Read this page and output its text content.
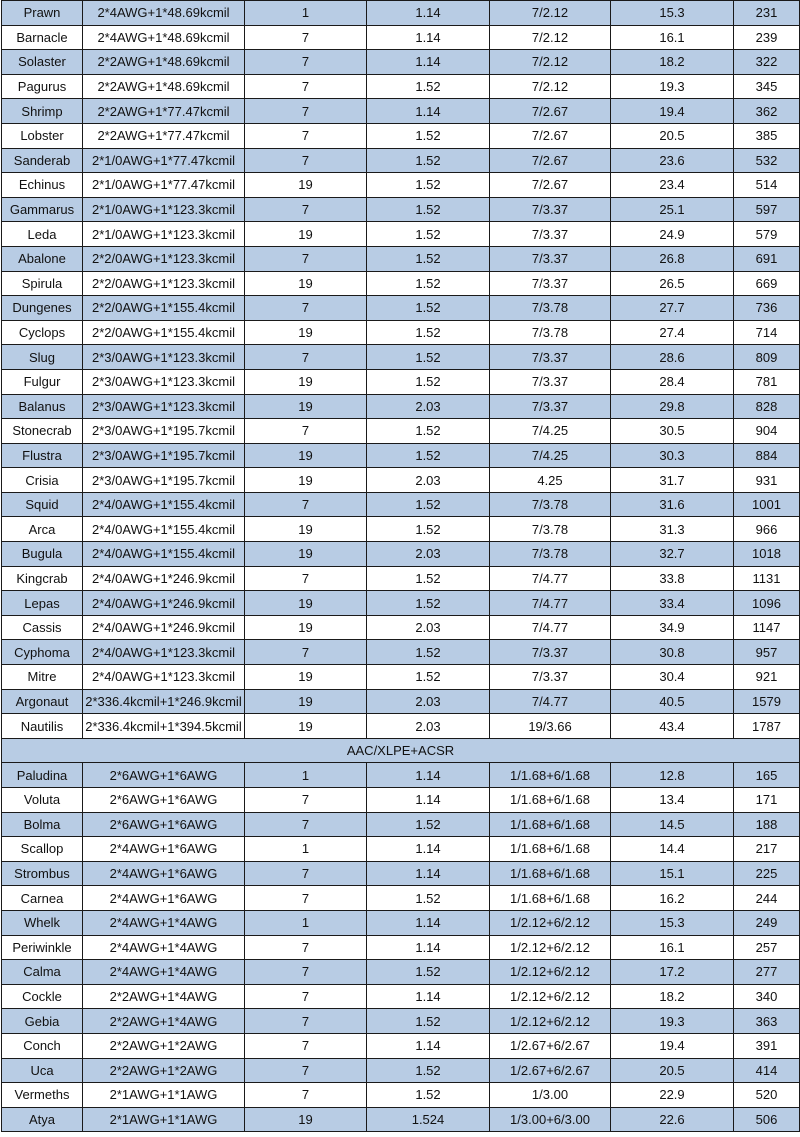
Prawn	2*4AWG+1*48.69kcmil	1	1.14	7/2.12	15.3	231
Barnacle	2*4AWG+1*48.69kcmil	7	1.14	7/2.12	16.1	239
Solaster	2*2AWG+1*48.69kcmil	7	1.14	7/2.12	18.2	322
Pagurus	2*2AWG+1*48.69kcmil	7	1.52	7/2.12	19.3	345
Shrimp	2*2AWG+1*77.47kcmil	7	1.14	7/2.67	19.4	362
Lobster	2*2AWG+1*77.47kcmil	7	1.52	7/2.67	20.5	385
Sanderab	2*1/0AWG+1*77.47kcmil	7	1.52	7/2.67	23.6	532
Echinus	2*1/0AWG+1*77.47kcmil	19	1.52	7/2.67	23.4	514
Gammarus	2*1/0AWG+1*123.3kcmil	7	1.52	7/3.37	25.1	597
Leda	2*1/0AWG+1*123.3kcmil	19	1.52	7/3.37	24.9	579
Abalone	2*2/0AWG+1*123.3kcmil	7	1.52	7/3.37	26.8	691
Spirula	2*2/0AWG+1*123.3kcmil	19	1.52	7/3.37	26.5	669
Dungenes	2*2/0AWG+1*155.4kcmil	7	1.52	7/3.78	27.7	736
Cyclops	2*2/0AWG+1*155.4kcmil	19	1.52	7/3.78	27.4	714
Slug	2*3/0AWG+1*123.3kcmil	7	1.52	7/3.37	28.6	809
Fulgur	2*3/0AWG+1*123.3kcmil	19	1.52	7/3.37	28.4	781
Balanus	2*3/0AWG+1*123.3kcmil	19	2.03	7/3.37	29.8	828
Stonecrab	2*3/0AWG+1*195.7kcmil	7	1.52	7/4.25	30.5	904
Flustra	2*3/0AWG+1*195.7kcmil	19	1.52	7/4.25	30.3	884
Crisia	2*3/0AWG+1*195.7kcmil	19	2.03	4.25	31.7	931
Squid	2*4/0AWG+1*155.4kcmil	7	1.52	7/3.78	31.6	1001
Arca	2*4/0AWG+1*155.4kcmil	19	1.52	7/3.78	31.3	966
Bugula	2*4/0AWG+1*155.4kcmil	19	2.03	7/3.78	32.7	1018
Kingcrab	2*4/0AWG+1*246.9kcmil	7	1.52	7/4.77	33.8	1131
Lepas	2*4/0AWG+1*246.9kcmil	19	1.52	7/4.77	33.4	1096
Cassis	2*4/0AWG+1*246.9kcmil	19	2.03	7/4.77	34.9	1147
Cyphoma	2*4/0AWG+1*123.3kcmil	7	1.52	7/3.37	30.8	957
Mitre	2*4/0AWG+1*123.3kcmil	19	1.52	7/3.37	30.4	921
Argonaut	2*336.4kcmil+1*246.9kcmil	19	2.03	7/4.77	40.5	1579
Nautilis	2*336.4kcmil+1*394.5kcmil	19	2.03	19/3.66	43.4	1787
AAC/XLPE+ACSR						
Paludina	2*6AWG+1*6AWG	1	1.14	1/1.68+6/1.68	12.8	165
Voluta	2*6AWG+1*6AWG	7	1.14	1/1.68+6/1.68	13.4	171
Bolma	2*6AWG+1*6AWG	7	1.52	1/1.68+6/1.68	14.5	188
Scallop	2*4AWG+1*6AWG	1	1.14	1/1.68+6/1.68	14.4	217
Strombus	2*4AWG+1*6AWG	7	1.14	1/1.68+6/1.68	15.1	225
Carnea	2*4AWG+1*6AWG	7	1.52	1/1.68+6/1.68	16.2	244
Whelk	2*4AWG+1*4AWG	1	1.14	1/2.12+6/2.12	15.3	249
Periwinkle	2*4AWG+1*4AWG	7	1.14	1/2.12+6/2.12	16.1	257
Calma	2*4AWG+1*4AWG	7	1.52	1/2.12+6/2.12	17.2	277
Cockle	2*2AWG+1*4AWG	7	1.14	1/2.12+6/2.12	18.2	340
Gebia	2*2AWG+1*4AWG	7	1.52	1/2.12+6/2.12	19.3	363
Conch	2*2AWG+1*2AWG	7	1.14	1/2.67+6/2.67	19.4	391
Uca	2*2AWG+1*2AWG	7	1.52	1/2.67+6/2.67	20.5	414
Vermeths	2*1AWG+1*1AWG	7	1.52	1/3.00	22.9	520
Atya	2*1AWG+1*1AWG	19	1.524	1/3.00+6/3.00	22.6	506
